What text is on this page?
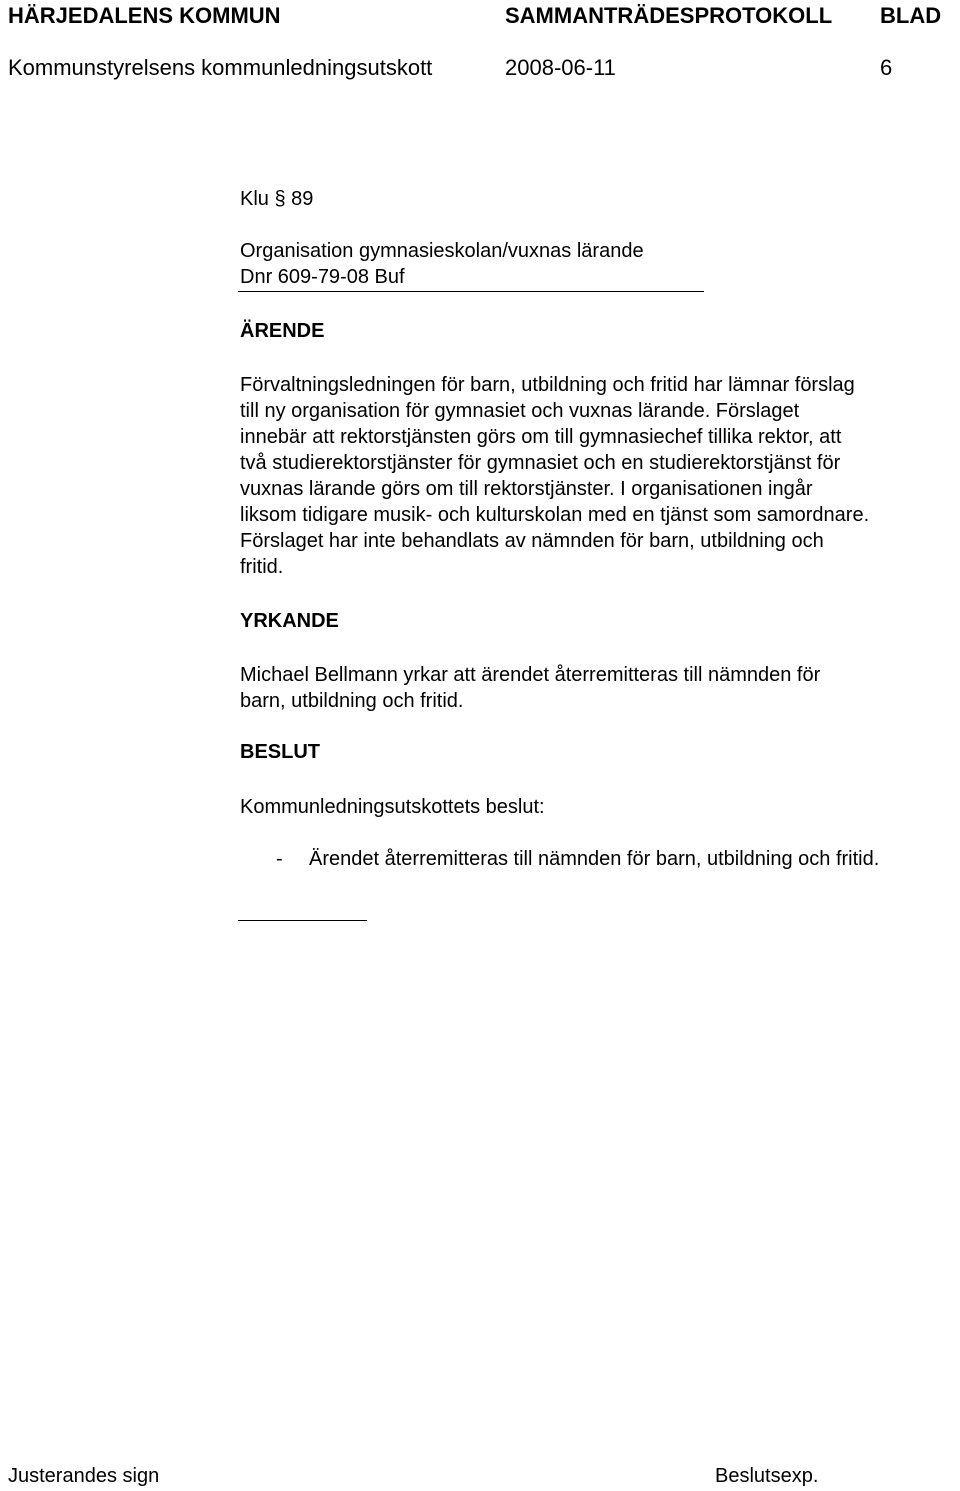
HÄRJEDALENS KOMMUN	SAMMANTRÄDESPROTOKOLL BLAD
Kommunstyrelsens kommunledningsutskott	2008-06-11	6
Klu § 89
Organisation gymnasieskolan/vuxnas lärande
Dnr 609-79-08 Buf
ÄRENDE
Förvaltningsledningen för barn, utbildning och fritid har lämnar förslag
till ny organisation för gymnasiet och vuxnas lärande. Förslaget
innebär att rektorstjänsten görs om till gymnasiechef tillika rektor, att
två studierektorstjänster för gymnasiet och en studierektorstjänst för
vuxnas lärande görs om till rektorstjänster. I organisationen ingår
liksom tidigare musik- och kulturskolan med en tjänst som samordnare.
Förslaget har inte behandlats av nämnden för barn, utbildning och
fritid.
YRKANDE
Michael Bellmann yrkar att ärendet återremitteras till nämnden för
barn, utbildning och fritid.
BESLUT
Kommunledningsutskottets beslut:
- Ärendet återremitteras till nämnden för barn, utbildning och fritid.
Justerandes sign	Beslutsexp.
